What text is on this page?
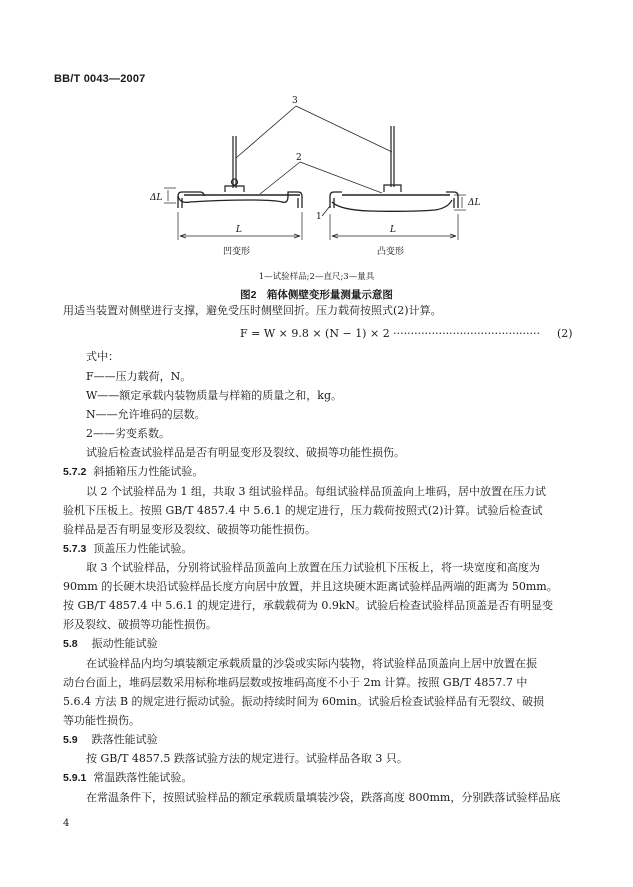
BB/T 0043—2007
3
2
1
ΔL	ΔL
L	L
凹变形	凸变形
1—试验样品;2—直尺;3—量具
图2　箱体侧壁变形量测量示意图
用适当装置对侧壁进行支撑，避免受压时侧壁回折。压力载荷按照式(2)计算。
F = W × 9.8 × (N − 1) × 2 ·········································· (2)
式中：
F——压力载荷，N。
W——额定承载内装物质量与样箱的质量之和，kg。
N——允许堆码的层数。
2——劣变系数。
试验后检查试验样品是否有明显变形及裂纹、破损等功能性损伤。
5.7.2 斜插箱压力性能试验。
以 2 个试验样品为 1 组，共取 3 组试验样品。每组试验样品顶盖向上堆码，居中放置在压力试
验机下压板上。按照 GB/T 4857.4 中 5.6.1 的规定进行，压力载荷按照式(2)计算。试验后检查试
验样品是否有明显变形及裂纹、破损等功能性损伤。
5.7.3 顶盖压力性能试验。
取 3 个试验样品，分别将试验样品顶盖向上放置在压力试验机下压板上，将一块宽度和高度为
90mm 的长硬木块沿试验样品长度方向居中放置，并且这块硬木距离试验样品两端的距离为 50mm。
按 GB/T 4857.4 中 5.6.1 的规定进行，承载载荷为 0.9kN。试验后检查试验样品顶盖是否有明显变
形及裂纹、破损等功能性损伤。
5.8 振动性能试验
在试验样品内均匀填装额定承载质量的沙袋或实际内装物，将试验样品顶盖向上居中放置在振
动台台面上，堆码层数采用标称堆码层数或按堆码高度不小于 2m 计算。按照 GB/T 4857.7 中
5.6.4 方法 B 的规定进行振动试验。振动持续时间为 60min。试验后检查试验样品有无裂纹、破损
等功能性损伤。
5.9 跌落性能试验
按 GB/T 4857.5 跌落试验方法的规定进行。试验样品各取 3 只。
5.9.1 常温跌落性能试验。
在常温条件下，按照试验样品的额定承载质量填装沙袋，跌落高度 800mm，分别跌落试验样品底
4
